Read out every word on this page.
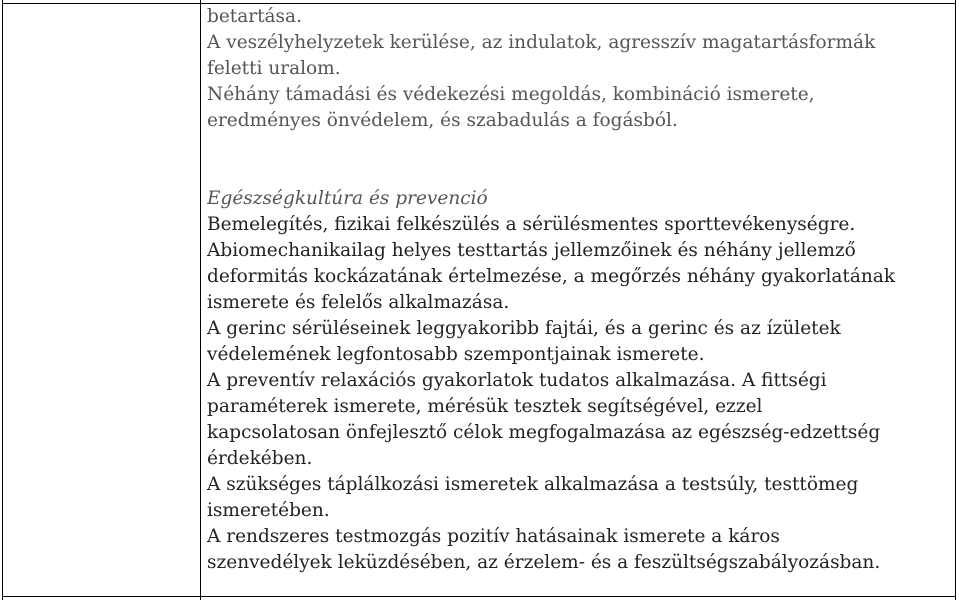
betartása.
A veszélyhelyzetek kerülése, az indulatok, agresszív magatartásformák
feletti uralom.
Néhány támadási és védekezési megoldás, kombináció ismerete,
eredményes önvédelem, és szabadulás a fogásból.
Egészségkultúra és prevenció
Bemelegítés, fizikai felkészülés a sérülésmentes sporttevékenységre.
Abiomechanikailag helyes testtartás jellemzőinek és néhány jellemző
deformitás kockázatának értelmezése, a megőrzés néhány gyakorlatának
ismerete és felelős alkalmazása.
A gerinc sérüléseinek leggyakoribb fajtái, és a gerinc és az ízületek
védelemének legfontosabb szempontjainak ismerete.
A preventív relaxációs gyakorlatok tudatos alkalmazása. A fittségi
paraméterek ismerete, mérésük tesztek segítségével, ezzel
kapcsolatosan önfejlesztő célok megfogalmazása az egészség-edzettség
érdekében.
A szükséges táplálkozási ismeretek alkalmazása a testsúly, testtömeg
ismeretében.
A rendszeres testmozgás pozitív hatásainak ismerete a káros
szenvedélyek leküzdésében, az érzelem- és a feszültségszabályozásban.
